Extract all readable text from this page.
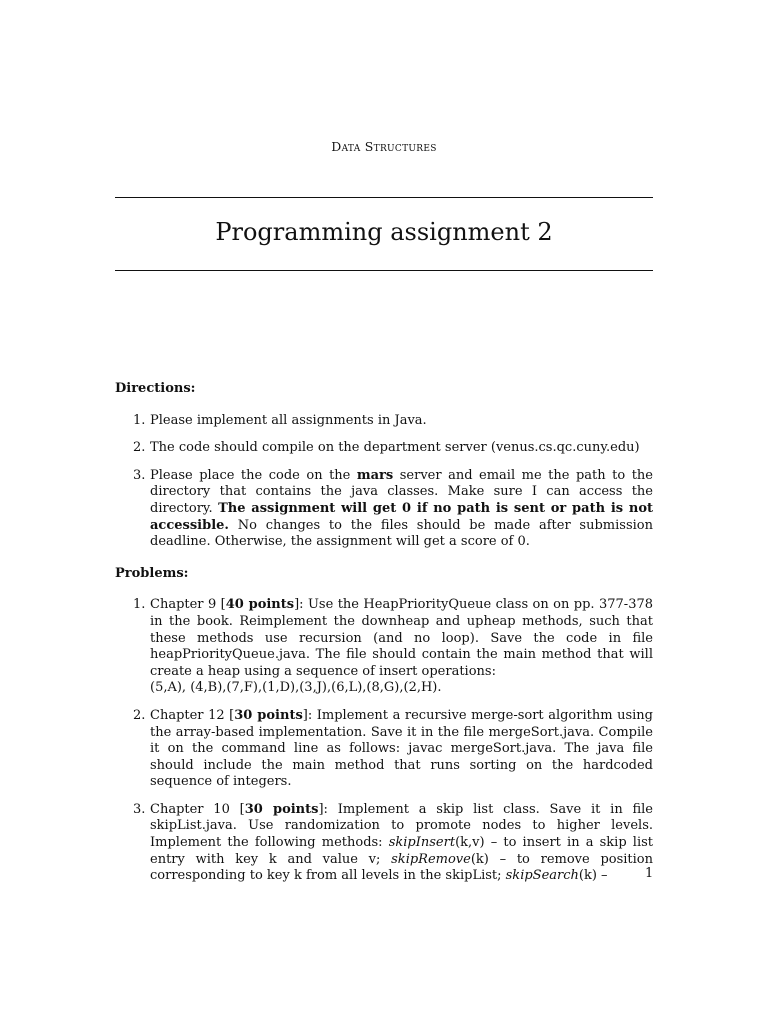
Data Structures
Programming assignment 2
Directions:
1. Please implement all assignments in Java.
2. The code should compile on the department server (venus.cs.qc.cuny.edu)
3. Please place the code on the mars server and email me the path to the directory that contains the java classes. Make sure I can access the directory. The assignment will get 0 if no path is sent or path is not accessible. No changes to the files should be made after submission deadline. Otherwise, the assignment will get a score of 0.
Problems:
1. Chapter 9 [40 points]: Use the HeapPriorityQueue class on on pp. 377-378 in the book. Reimplement the downheap and upheap methods, such that these methods use recursion (and no loop). Save the code in file heapPriorityQueue.java. The file should contain the main method that will create a heap using a sequence of insert operations:
(5,A), (4,B),(7,F),(1,D),(3,J),(6,L),(8,G),(2,H).
2. Chapter 12 [30 points]: Implement a recursive merge-sort algorithm using the array-based implementation. Save it in the file mergeSort.java. Compile it on the command line as follows: javac mergeSort.java. The java file should include the main method that runs sorting on the hardcoded sequence of integers.
3. Chapter 10 [30 points]: Implement a skip list class. Save it in file skipList.java. Use randomization to promote nodes to higher levels. Implement the following methods: skipInsert(k,v) – to insert in a skip list entry with key k and value v; skipRemove(k) – to remove position corresponding to key k from all levels in the skipList; skipSearch(k) –	1
